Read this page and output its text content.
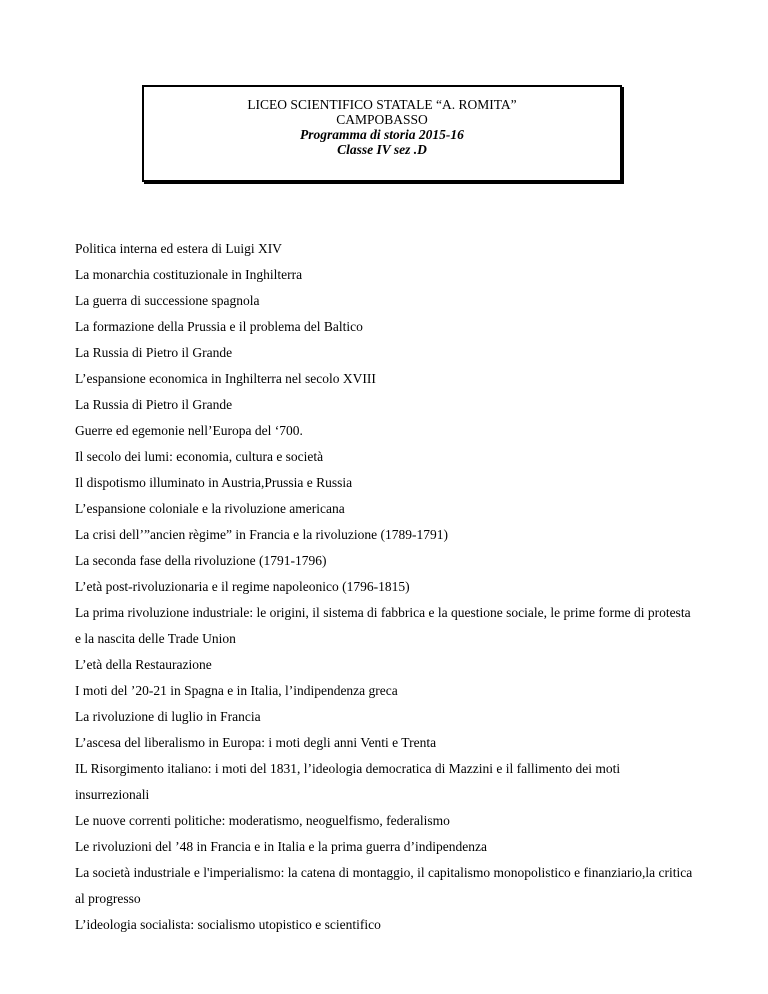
LICEO SCIENTIFICO STATALE “A. ROMITA”
CAMPOBASSO
Programma di storia 2015-16
Classe IV sez .D
Politica interna ed estera di Luigi XIV
La monarchia costituzionale in Inghilterra
La guerra di successione spagnola
La formazione della Prussia e il problema del Baltico
La Russia di Pietro il Grande
L’espansione economica in Inghilterra nel secolo XVIII
La Russia di Pietro il Grande
Guerre ed egemonie nell’Europa del ‘700.
Il secolo dei lumi: economia, cultura e società
Il dispotismo illuminato in Austria,Prussia e Russia
L’espansione coloniale e la rivoluzione americana
La crisi dell’”ancien règime” in Francia e la rivoluzione (1789-1791)
La seconda fase della rivoluzione (1791-1796)
L’età post-rivoluzionaria e il regime napoleonico (1796-1815)
La prima rivoluzione industriale: le origini, il sistema di fabbrica e la questione sociale, le prime forme di protesta e la nascita delle Trade Union
L’età della Restaurazione
I moti del ’20-21 in Spagna e in Italia, l’indipendenza greca
La rivoluzione di luglio in Francia
L’ascesa del liberalismo in Europa: i moti degli anni Venti e Trenta
IL Risorgimento italiano: i moti del 1831, l’ideologia democratica di Mazzini e il fallimento dei moti insurrezionali
Le nuove correnti politiche: moderatismo, neoguelfismo, federalismo
Le rivoluzioni del ’48 in Francia e in Italia e la prima guerra d’indipendenza
La società industriale e l'imperialismo: la catena di montaggio, il capitalismo monopolistico e finanziario,la critica al progresso
L’ideologia socialista: socialismo utopistico e scientifico
